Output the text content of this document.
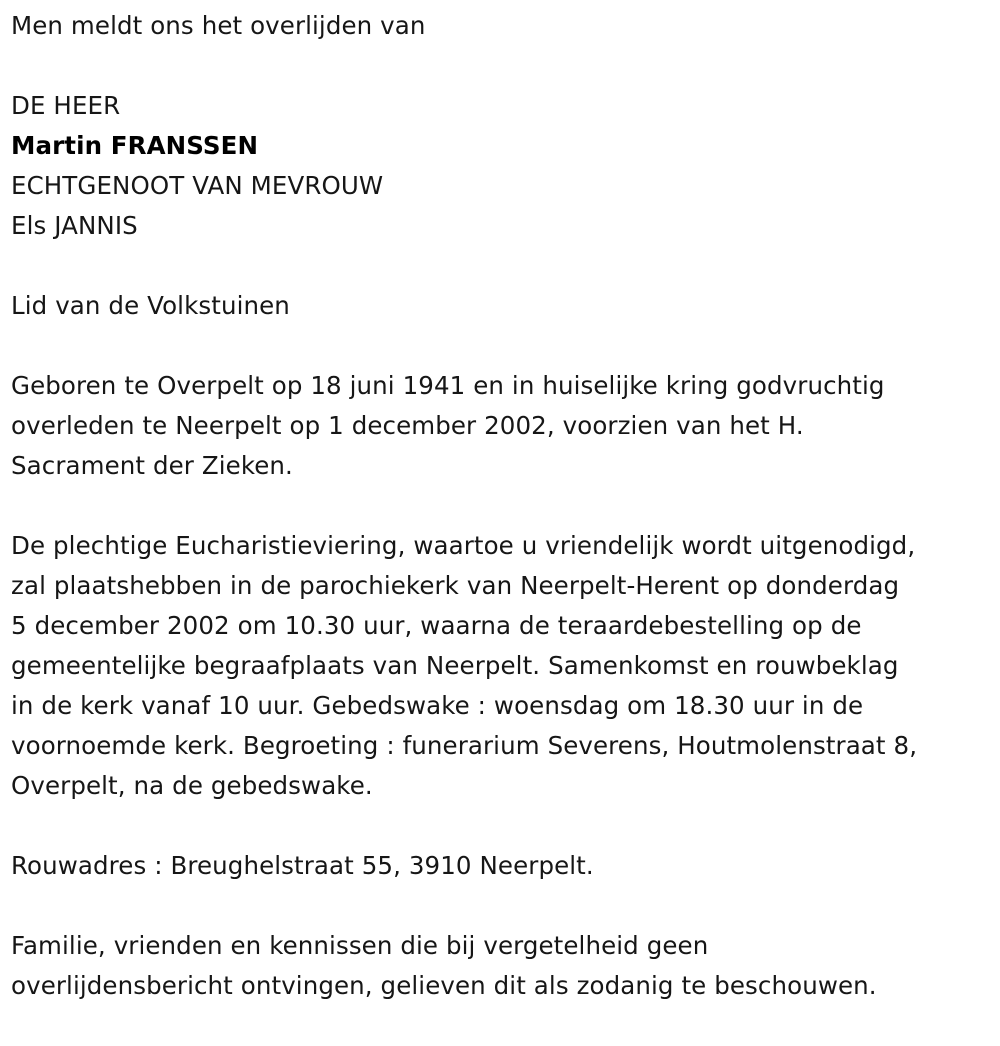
Men meldt ons het overlijden van
DE HEER
Martin FRANSSEN
ECHTGENOOT VAN MEVROUW
Els JANNIS
Lid van de Volkstuinen
Geboren te Overpelt op 18 juni 1941 en in huiselijke kring godvruchtig
overleden te Neerpelt op 1 december 2002, voorzien van het H.
Sacrament der Zieken.
De plechtige Eucharistieviering, waartoe u vriendelijk wordt uitgenodigd,
zal plaatshebben in de parochiekerk van Neerpelt-Herent op donderdag
5 december 2002 om 10.30 uur, waarna de teraardebestelling op de
gemeentelijke begraafplaats van Neerpelt. Samenkomst en rouwbeklag
in de kerk vanaf 10 uur. Gebedswake : woensdag om 18.30 uur in de
voornoemde kerk. Begroeting : funerarium Severens, Houtmolenstraat 8,
Overpelt, na de gebedswake.
Rouwadres : Breughelstraat 55, 3910 Neerpelt.
Familie, vrienden en kennissen die bij vergetelheid geen
overlijdensbericht ontvingen, gelieven dit als zodanig te beschouwen.
